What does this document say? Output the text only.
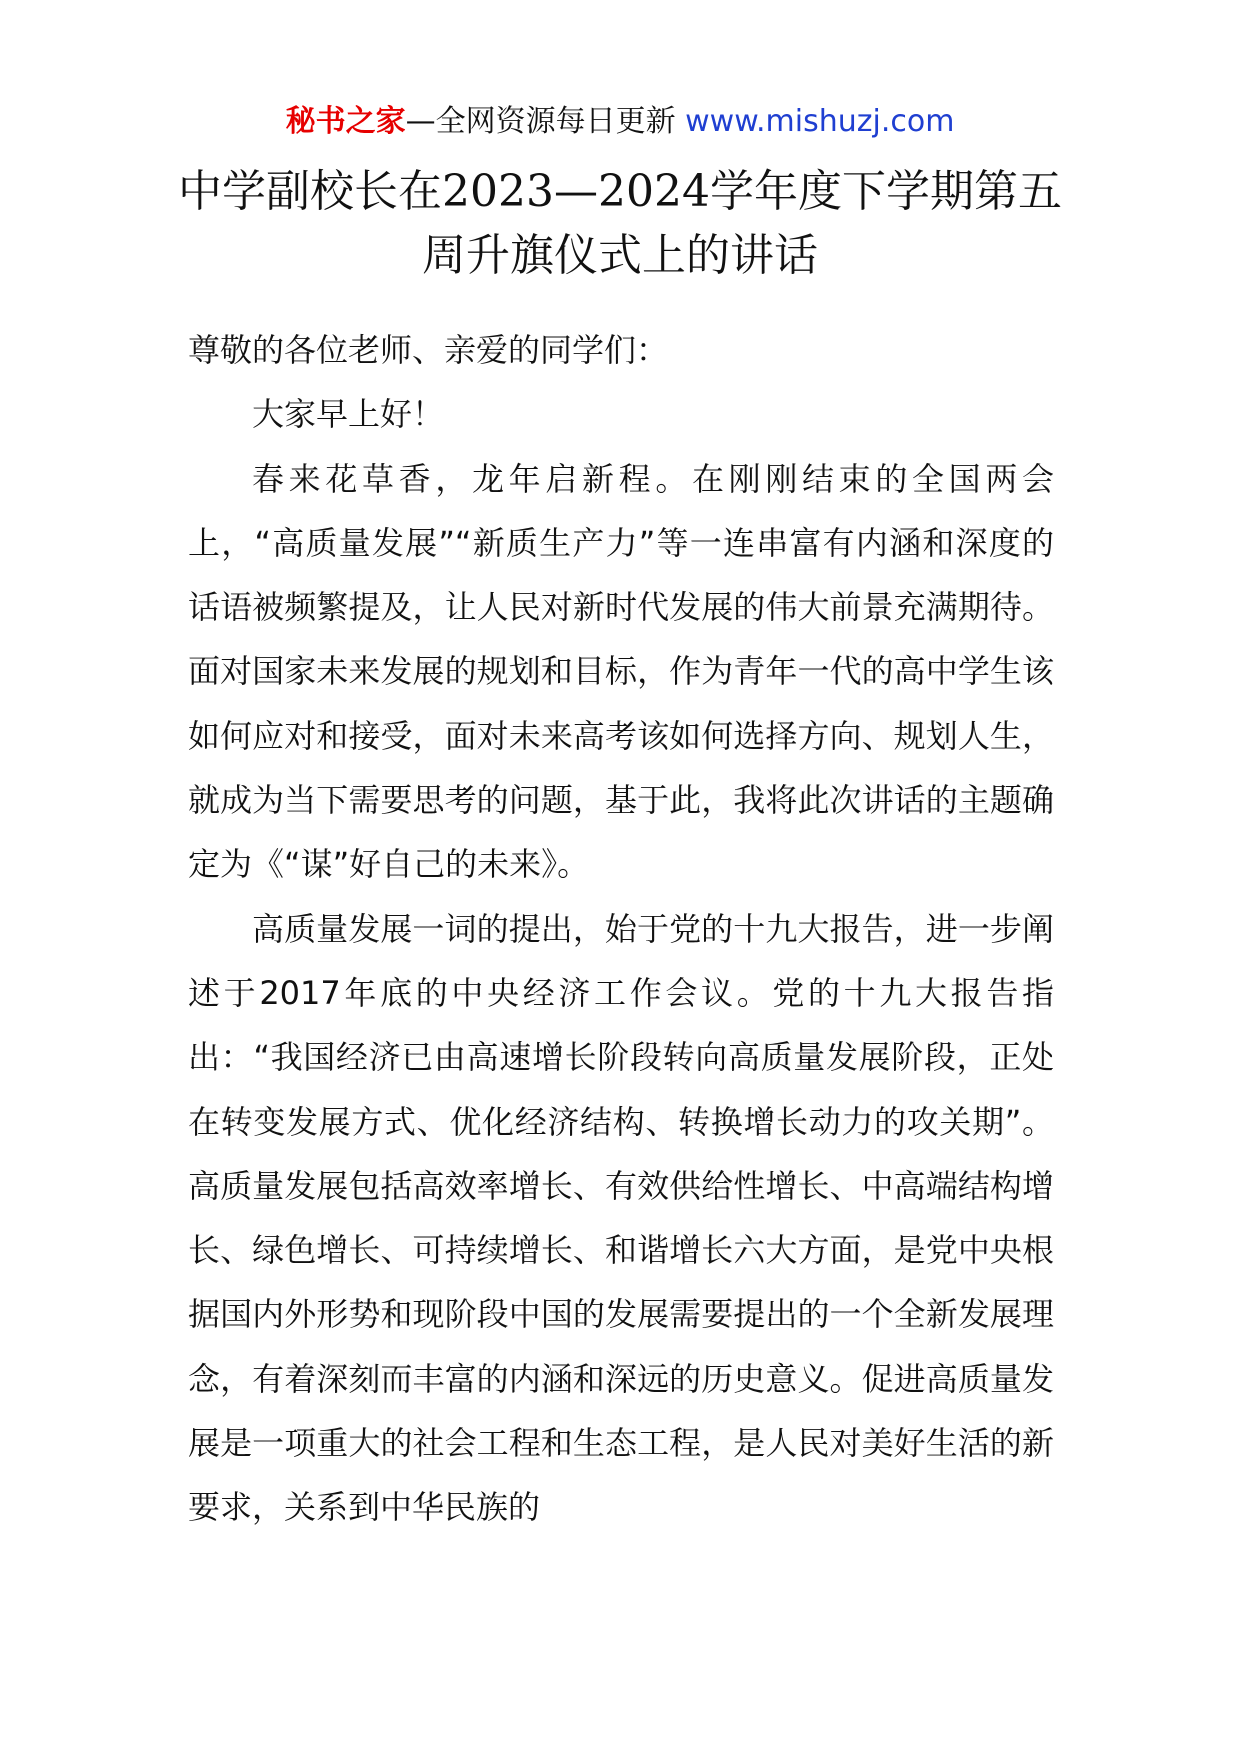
秘书之家—全网资源每日更新 www.mishuzj.com
中学副校长在2023—2024学年度下学期第五周升旗仪式上的讲话

尊敬的各位老师、亲爱的同学们：

大家早上好！

春来花草香，龙年启新程。在刚刚结束的全国两会上，“高质量发展”“新质生产力”等一连串富有内涵和深度的话语被频繁提及，让人民对新时代发展的伟大前景充满期待。面对国家未来发展的规划和目标，作为青年一代的高中学生该如何应对和接受，面对未来高考该如何选择方向、规划人生，就成为当下需要思考的问题，基于此，我将此次讲话的主题确定为《“谋”好自己的未来》。

高质量发展一词的提出，始于党的十九大报告，进一步阐述于2017年底的中央经济工作会议。党的十九大报告指出：“我国经济已由高速增长阶段转向高质量发展阶段，正处在转变发展方式、优化经济结构、转换增长动力的攻关期”。高质量发展包括高效率增长、有效供给性增长、中高端结构增长、绿色增长、可持续增长、和谐增长六大方面，是党中央根据国内外形势和现阶段中国的发展需要提出的一个全新发展理念，有着深刻而丰富的内涵和深远的历史意义。促进高质量发展是一项重大的社会工程和生态工程，是人民对美好生活的新要求，关系到中华民族的
